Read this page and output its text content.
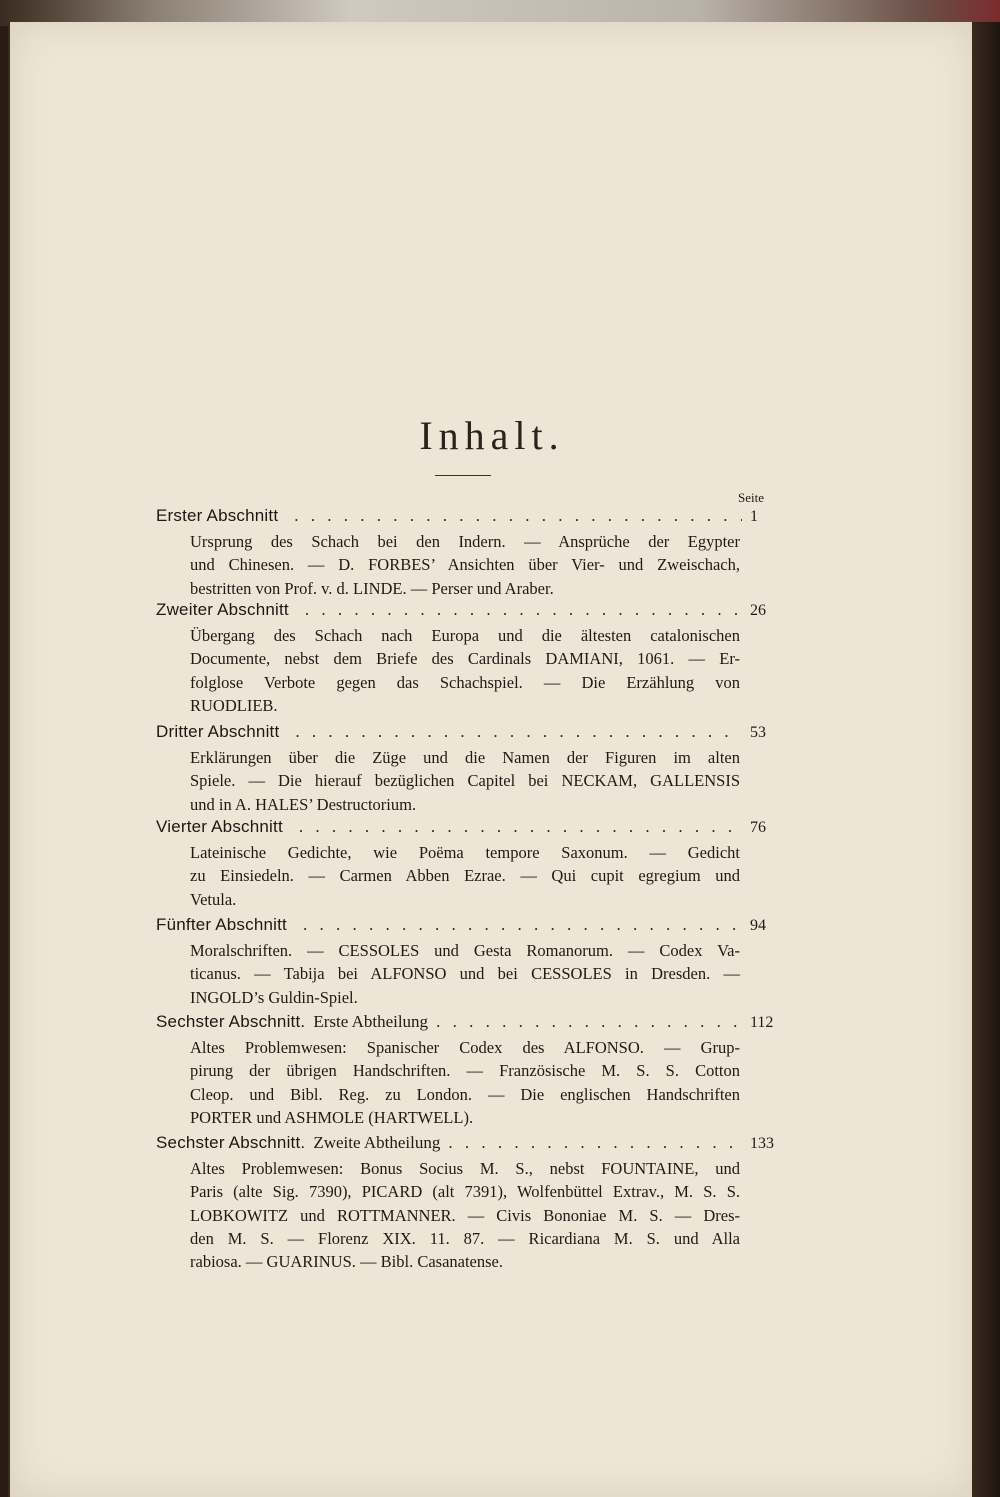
Inhalt.
Seite
Erster Abschnitt . . .	1
Ursprung des Schach bei den Indern. — Ansprüche der Egypter
und Chinesen. — D. FORBES’ Ansichten über Vier- und Zweischach,
bestritten von Prof. v. d. LINDE. — Perser und Araber.
Zweiter Abschnitt . . .	26
Übergang des Schach nach Europa und die ältesten catalonischen
Documente, nebst dem Briefe des Cardinals DAMIANI, 1061. — Er-
folglose Verbote gegen das Schachspiel. — Die Erzählung von
RUODLIEB.
Dritter Abschnitt . . .	53
Erklärungen über die Züge und die Namen der Figuren im alten
Spiele. — Die hierauf bezüglichen Capitel bei NECKAM, GALLENSIS
und in A. HALES’ Destructorium.
Vierter Abschnitt . . .	76
Lateinische Gedichte, wie Poëma tempore Saxonum. — Gedicht
zu Einsiedeln. — Carmen Abben Ezrae. — Qui cupit egregium und
Vetula.
Fünfter Abschnitt . . .	94
Moralschriften. — CESSOLES und Gesta Romanorum. — Codex Va-
ticanus. — Tabija bei ALFONSO und bei CESSOLES in Dresden. —
INGOLD’s Guldin-Spiel.
Sechster Abschnitt. Erste Abtheilung . . .	112
Altes Problemwesen: Spanischer Codex des ALFONSO. — Grup-
pirung der übrigen Handschriften. — Französische M. S. S. Cotton
Cleop. und Bibl. Reg. zu London. — Die englischen Handschriften
PORTER und ASHMOLE (HARTWELL).
Sechster Abschnitt. Zweite Abtheilung . . .	133
Altes Problemwesen: Bonus Socius M. S., nebst FOUNTAINE, und
Paris (alte Sig. 7390), PICARD (alt 7391), Wolfenbüttel Extrav., M. S. S.
LOBKOWITZ und ROTTMANNER. — Civis Bononiae M. S. — Dres-
den M. S. — Florenz XIX. 11. 87. — Ricardiana M. S. und Alla
rabiosa. — GUARINUS. — Bibl. Casanatense.
